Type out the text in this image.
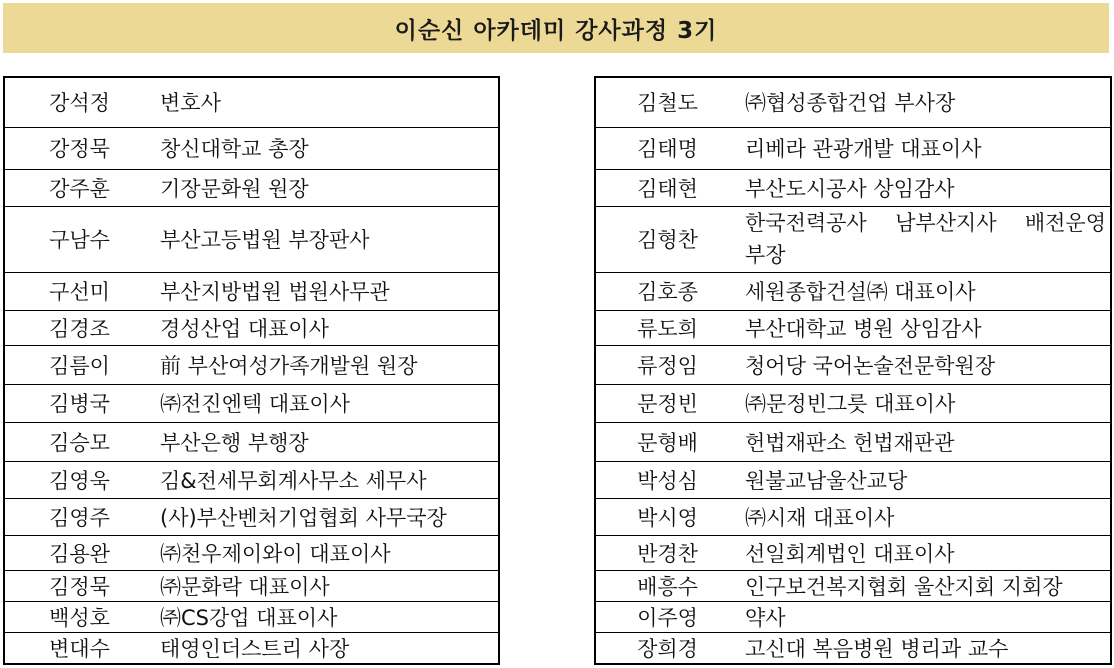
이순신 아카데미 강사과정 3기
강석정	변호사
강정묵	창신대학교 총장
강주훈	기장문화원 원장
구남수	부산고등법원 부장판사
구선미	부산지방법원 법원사무관
김경조	경성산업 대표이사
김름이	前 부산여성가족개발원 원장
김병국	㈜전진엔텍 대표이사
김승모	부산은행 부행장
김영욱	김&전세무회계사무소 세무사
김영주	(사)부산벤처기업협회 사무국장
김용완	㈜천우제이와이 대표이사
김정묵	㈜문화락 대표이사
백성호	㈜CS강업 대표이사
변대수	태영인더스트리 사장
김철도	㈜협성종합건업 부사장
김태명	리베라 관광개발 대표이사
김태현	부산도시공사 상임감사
김형찬	한국전력공사 남부산지사 배전운영
부장
김호종	세원종합건설㈜ 대표이사
류도희	부산대학교 병원 상임감사
류정임	청어당 국어논술전문학원장
문정빈	㈜문정빈그릇 대표이사
문형배	헌법재판소 헌법재판관
박성심	원불교남울산교당
박시영	㈜시재 대표이사
반경찬	선일회계법인 대표이사
배흥수	인구보건복지협회 울산지회 지회장
이주영	약사
장희경	고신대 복음병원 병리과 교수
